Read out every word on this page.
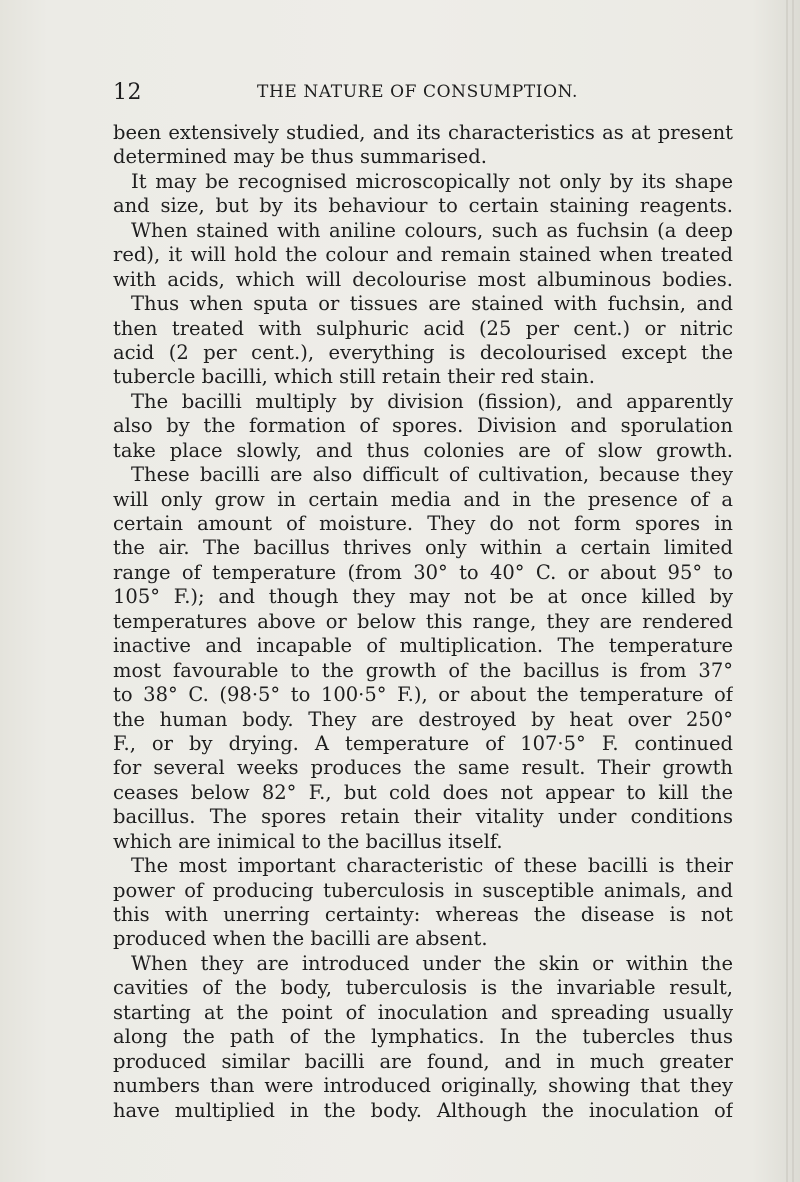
12	THE NATURE OF CONSUMPTION.
been extensively studied, and its characteristics as at present
determined may be thus summarised.
It may be recognised microscopically not only by its shape
and size, but by its behaviour to certain staining reagents.
When stained with aniline colours, such as fuchsin (a deep
red), it will hold the colour and remain stained when treated
with acids, which will decolourise most albuminous bodies.
Thus when sputa or tissues are stained with fuchsin, and
then treated with sulphuric acid (25 per cent.) or nitric
acid (2 per cent.), everything is decolourised except the
tubercle bacilli, which still retain their red stain.
The bacilli multiply by division (fission), and apparently
also by the formation of spores. Division and sporulation
take place slowly, and thus colonies are of slow growth.
These bacilli are also difficult of cultivation, because they
will only grow in certain media and in the presence of a
certain amount of moisture. They do not form spores in
the air. The bacillus thrives only within a certain limited
range of temperature (from 30° to 40° C. or about 95° to
105° F.); and though they may not be at once killed by
temperatures above or below this range, they are rendered
inactive and incapable of multiplication. The temperature
most favourable to the growth of the bacillus is from 37°
to 38° C. (98·5° to 100·5° F.), or about the temperature of
the human body. They are destroyed by heat over 250°
F., or by drying. A temperature of 107·5° F. continued
for several weeks produces the same result. Their growth
ceases below 82° F., but cold does not appear to kill the
bacillus. The spores retain their vitality under conditions
which are inimical to the bacillus itself.
The most important characteristic of these bacilli is their
power of producing tuberculosis in susceptible animals, and
this with unerring certainty: whereas the disease is not
produced when the bacilli are absent.
When they are introduced under the skin or within the
cavities of the body, tuberculosis is the invariable result,
starting at the point of inoculation and spreading usually
along the path of the lymphatics. In the tubercles thus
produced similar bacilli are found, and in much greater
numbers than were introduced originally, showing that they
have multiplied in the body. Although the inoculation of
